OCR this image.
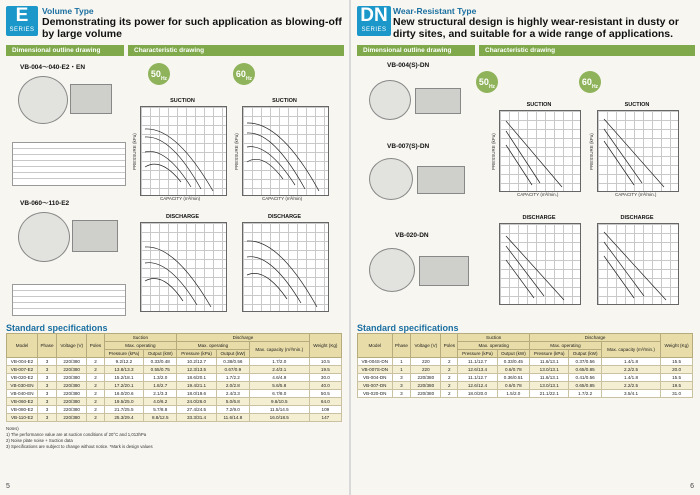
E
SERIES
Volume Type
Demonstrating its power for such application as blowing-off by large volume
Dimensional outline drawing	Characteristic drawing
VB-004～040-E2・EN
VB-060～110-E2
$50_{Hz}$	$60_{Hz}$
SUCTION	SUCTION
DISCHARGE	DISCHARGE
CAPACITY (m³/min)	CAPACITY (m³/min)
PRESSURE (kPa)	PRESSURE (kPa)
Standard specifications
Model	Phase	Voltage (V)	Poles	Suction		Discharge			Weight (Kg)
				Max. operating		Max. operating		Max. capacity (m³/min.)	
				Pressure (kPa)	Output (kW)	Pressure (kPa)	Output (kW)		
VB-004-E2	3	220/380	2	9.2/12.2	0.33/0.48	10.2/12.7	0.38/0.56	1.7/2.0	10.5
VB-007-E2	3	220/380	2	13.8/13.3	0.55/0.75	12.3/13.5	0.67/0.9	2.4/3.1	19.5
VB-020-E2	3	220/380	2	15.2/18.1	1.3/2.0	18.6/20.1	1.7/2.2	4.6/4.9	30.0
VB-030-EN	3	220/380	2	17.2/20.1	1.8/2.7	19.4/21.1	2.0/2.8	5.6/5.8	40.0
VB-040-EN	3	220/380	2	16.0/20.6	2.1/3.3	18.0/19.6	2.4/3.3	6.7/8.0	50.5
VB-060-E2	3	220/380	2	19.5/25.0	4.0/6.2	24.0/26.0	5.0/6.8	9.6/10.5	64.0
VB-080-E2	3	220/380	2	21.7/25.5	5.7/8.8	27.4/24.5	7.2/9.0	11.5/14.5	109
VB-110-E2	3	220/380	2	25.3/29.4	8.8/12.5	33.3/31.4	11.6/14.8	16.0/18.5	147
Notes)
1) The performance value are at suction conditions of 20°C and 1,013hPa
2) Noise plate noise + Suction data
3) Specifications are subject to change without notice. *Mark is design values
5
DN
SERIES
Wear-Resistant Type
New structural design is highly wear-resistant in dusty or dirty sites, and suitable for a wide range of applications.
Dimensional outline drawing	Characteristic drawing
VB-004(S)-DN
VB-007(S)-DN
VB-020-DN
$50_{Hz}$	$60_{Hz}$
SUCTION	SUCTION
DISCHARGE	DISCHARGE
CAPACITY (m³/min.)	CAPACITY (m³/min.)
PRESSURE (kPa)	PRESSURE (kPa)
Standard specifications
Model	Phase	Voltage (V)	Poles	Suction		Discharge			Weight (Kg)
				Max. operating		Max. operating		Max. capacity (m³/min.)	
				Pressure (kPa)	Output (kW)	Pressure (kPa)	Output (kW)		
VB-004S-DN	1	220	2	11.1/12.7	0.33/0.45	11.6/13.1	0.37/0.56	1.4/1.8	15.5
VB-007S-DN	1	220	2	12.6/13.4	0.6/0.78	13.0/13.1	0.65/0.85	2.2/2.5	20.0
VB-004-DN	3	220/380	2	11.1/12.7	0.36/0.51	11.6/13.1	0.41/0.56	1.4/1.8	15.5
VB-007-DN	3	220/380	2	12.6/12.4	0.6/0.78	13.0/13.1	0.65/0.85	2.2/2.5	19.5
VB-020-DN	3	220/380	2	18.0/20.0	1.5/2.0	21.1/22.1	1.7/2.2	3.5/4.1	31.0
6
